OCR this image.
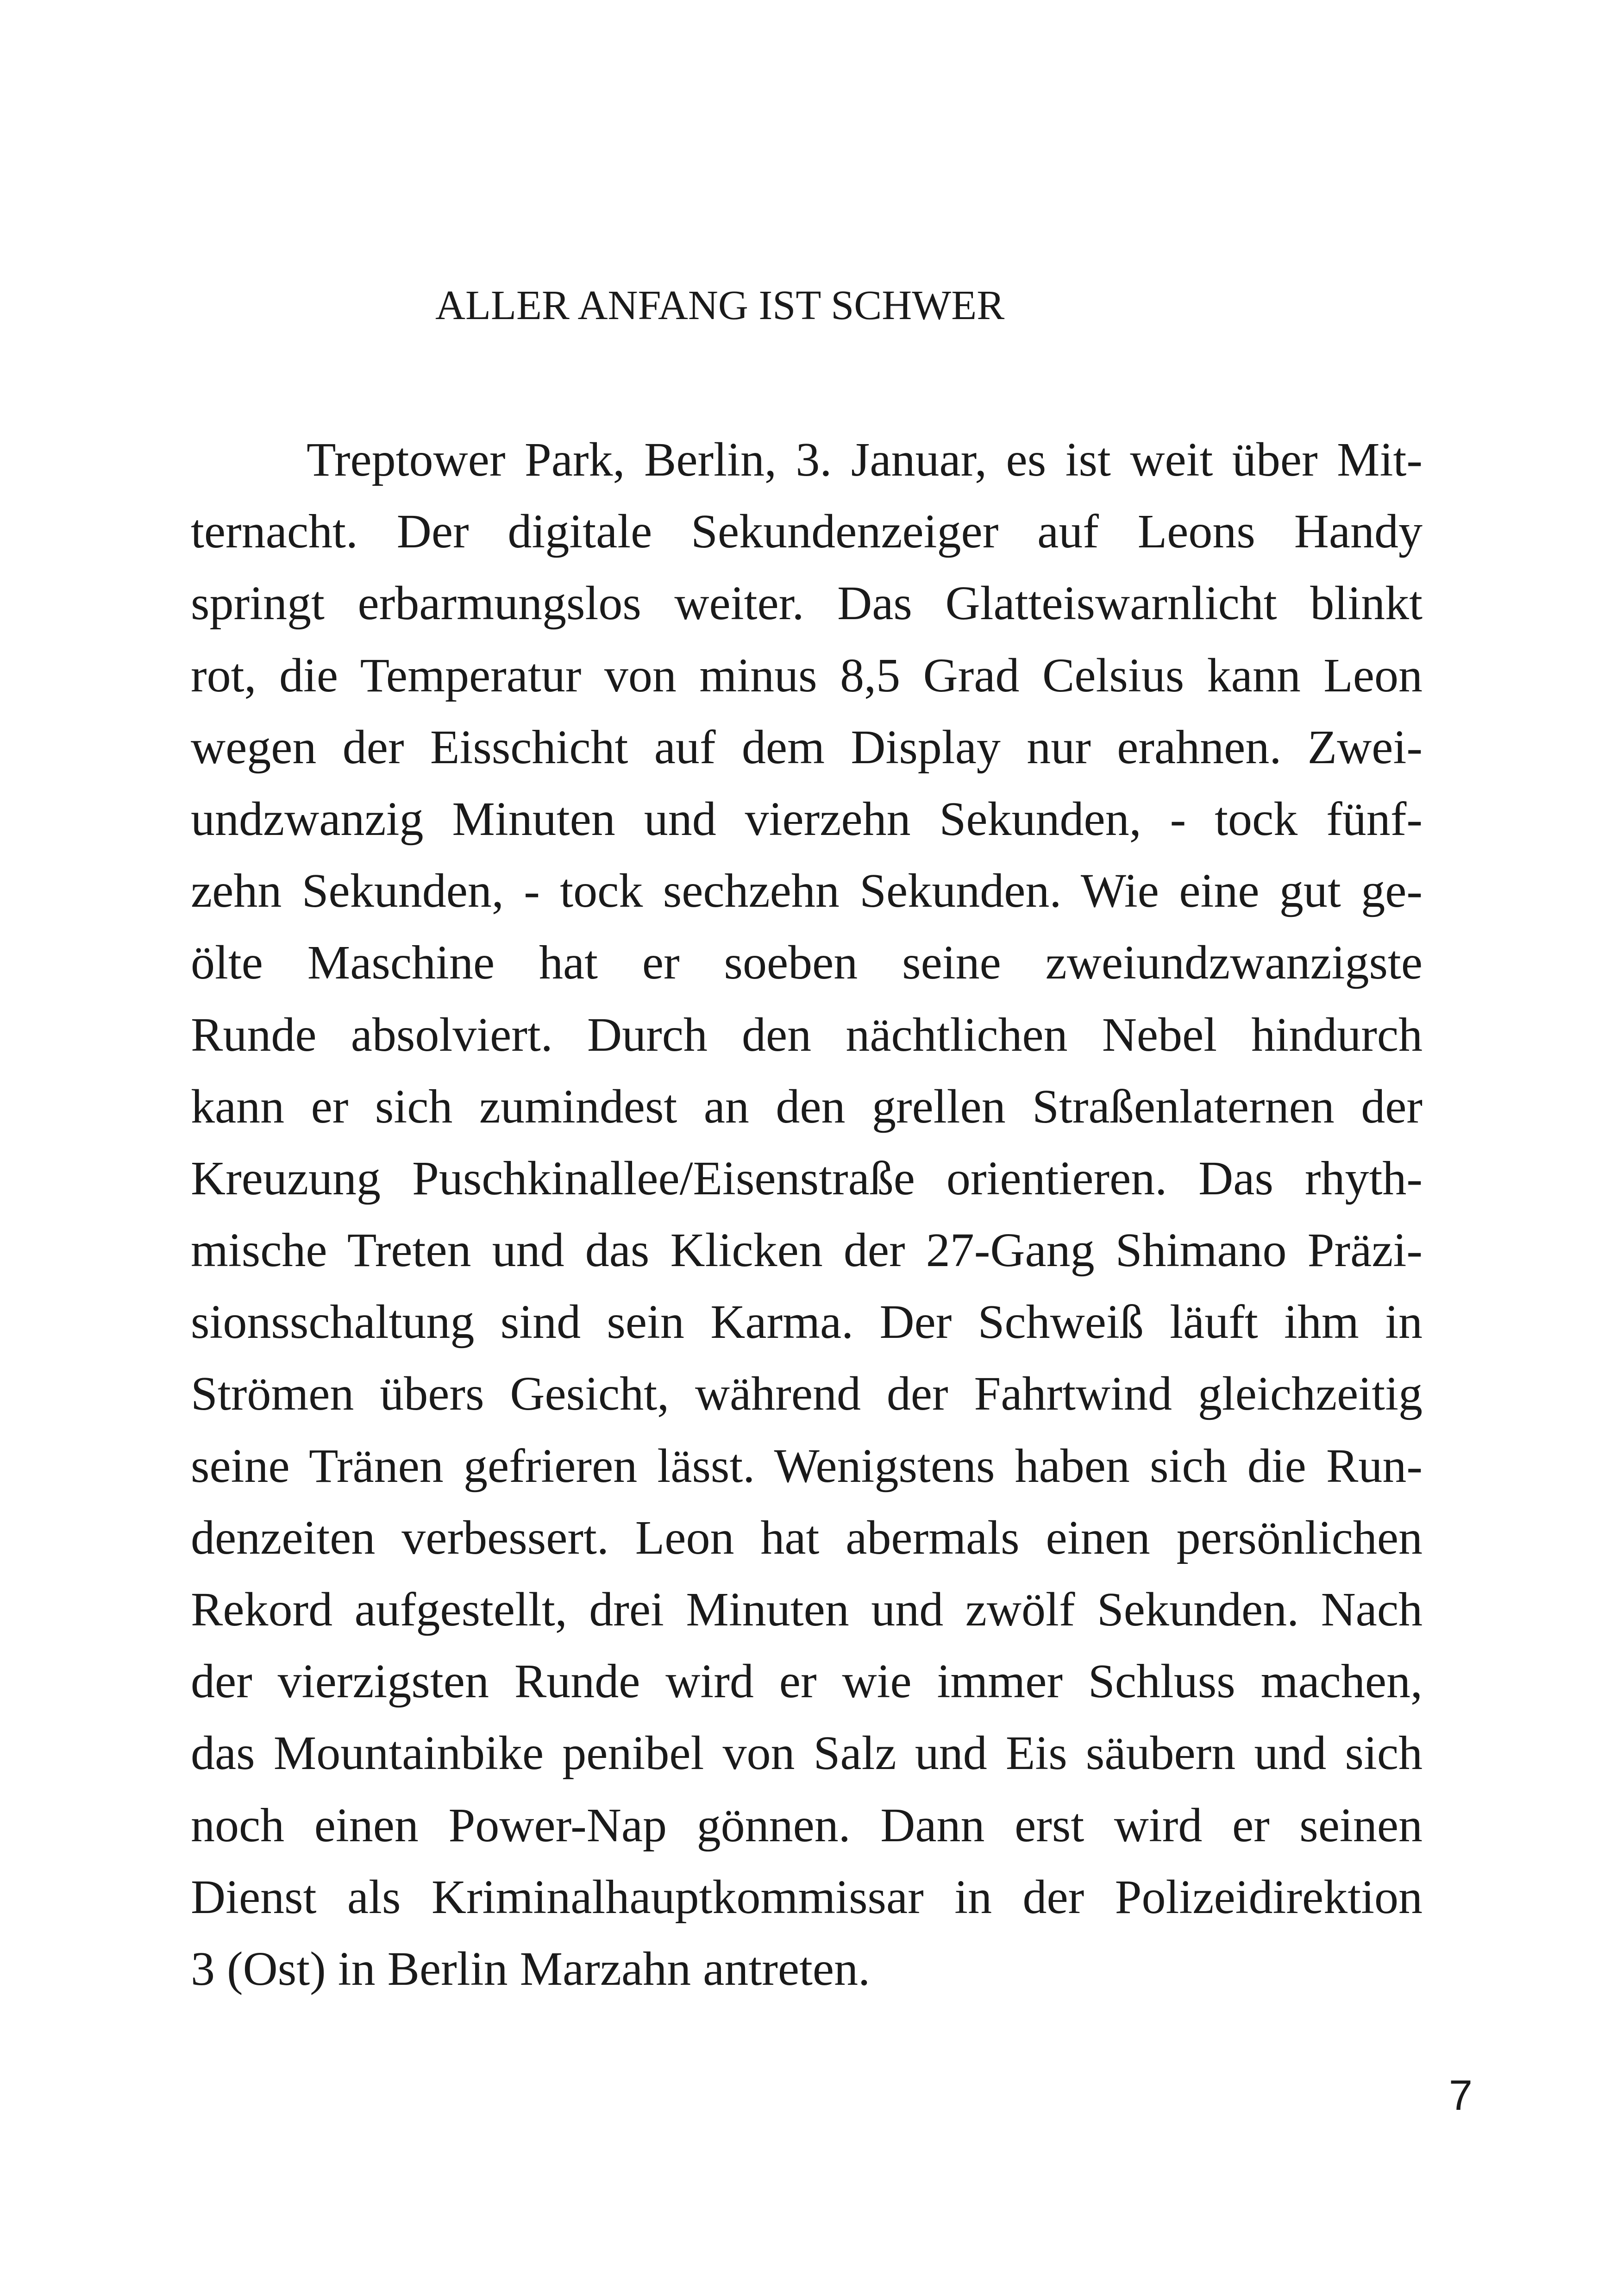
ALLER ANFANG IST SCHWER
Treptower Park, Berlin, 3. Januar, es ist weit über Mit-
ternacht. Der digitale Sekundenzeiger auf Leons Handy
springt erbarmungslos weiter. Das Glatteiswarnlicht blinkt
rot, die Temperatur von minus 8,5 Grad Celsius kann Leon
wegen der Eisschicht auf dem Display nur erahnen. Zwei-
undzwanzig Minuten und vierzehn Sekunden, - tock fünf-
zehn Sekunden, - tock sechzehn Sekunden. Wie eine gut ge-
ölte Maschine hat er soeben seine zweiundzwanzigste
Runde absolviert. Durch den nächtlichen Nebel hindurch
kann er sich zumindest an den grellen Straßenlaternen der
Kreuzung Puschkinallee/Eisenstraße orientieren. Das rhyth-
mische Treten und das Klicken der 27-Gang Shimano Präzi-
sionsschaltung sind sein Karma. Der Schweiß läuft ihm in
Strömen übers Gesicht, während der Fahrtwind gleichzeitig
seine Tränen gefrieren lässt. Wenigstens haben sich die Run-
denzeiten verbessert. Leon hat abermals einen persönlichen
Rekord aufgestellt, drei Minuten und zwölf Sekunden. Nach
der vierzigsten Runde wird er wie immer Schluss machen,
das Mountainbike penibel von Salz und Eis säubern und sich
noch einen Power-Nap gönnen. Dann erst wird er seinen
Dienst als Kriminalhauptkommissar in der Polizeidirektion
3 (Ost) in Berlin Marzahn antreten.
7
